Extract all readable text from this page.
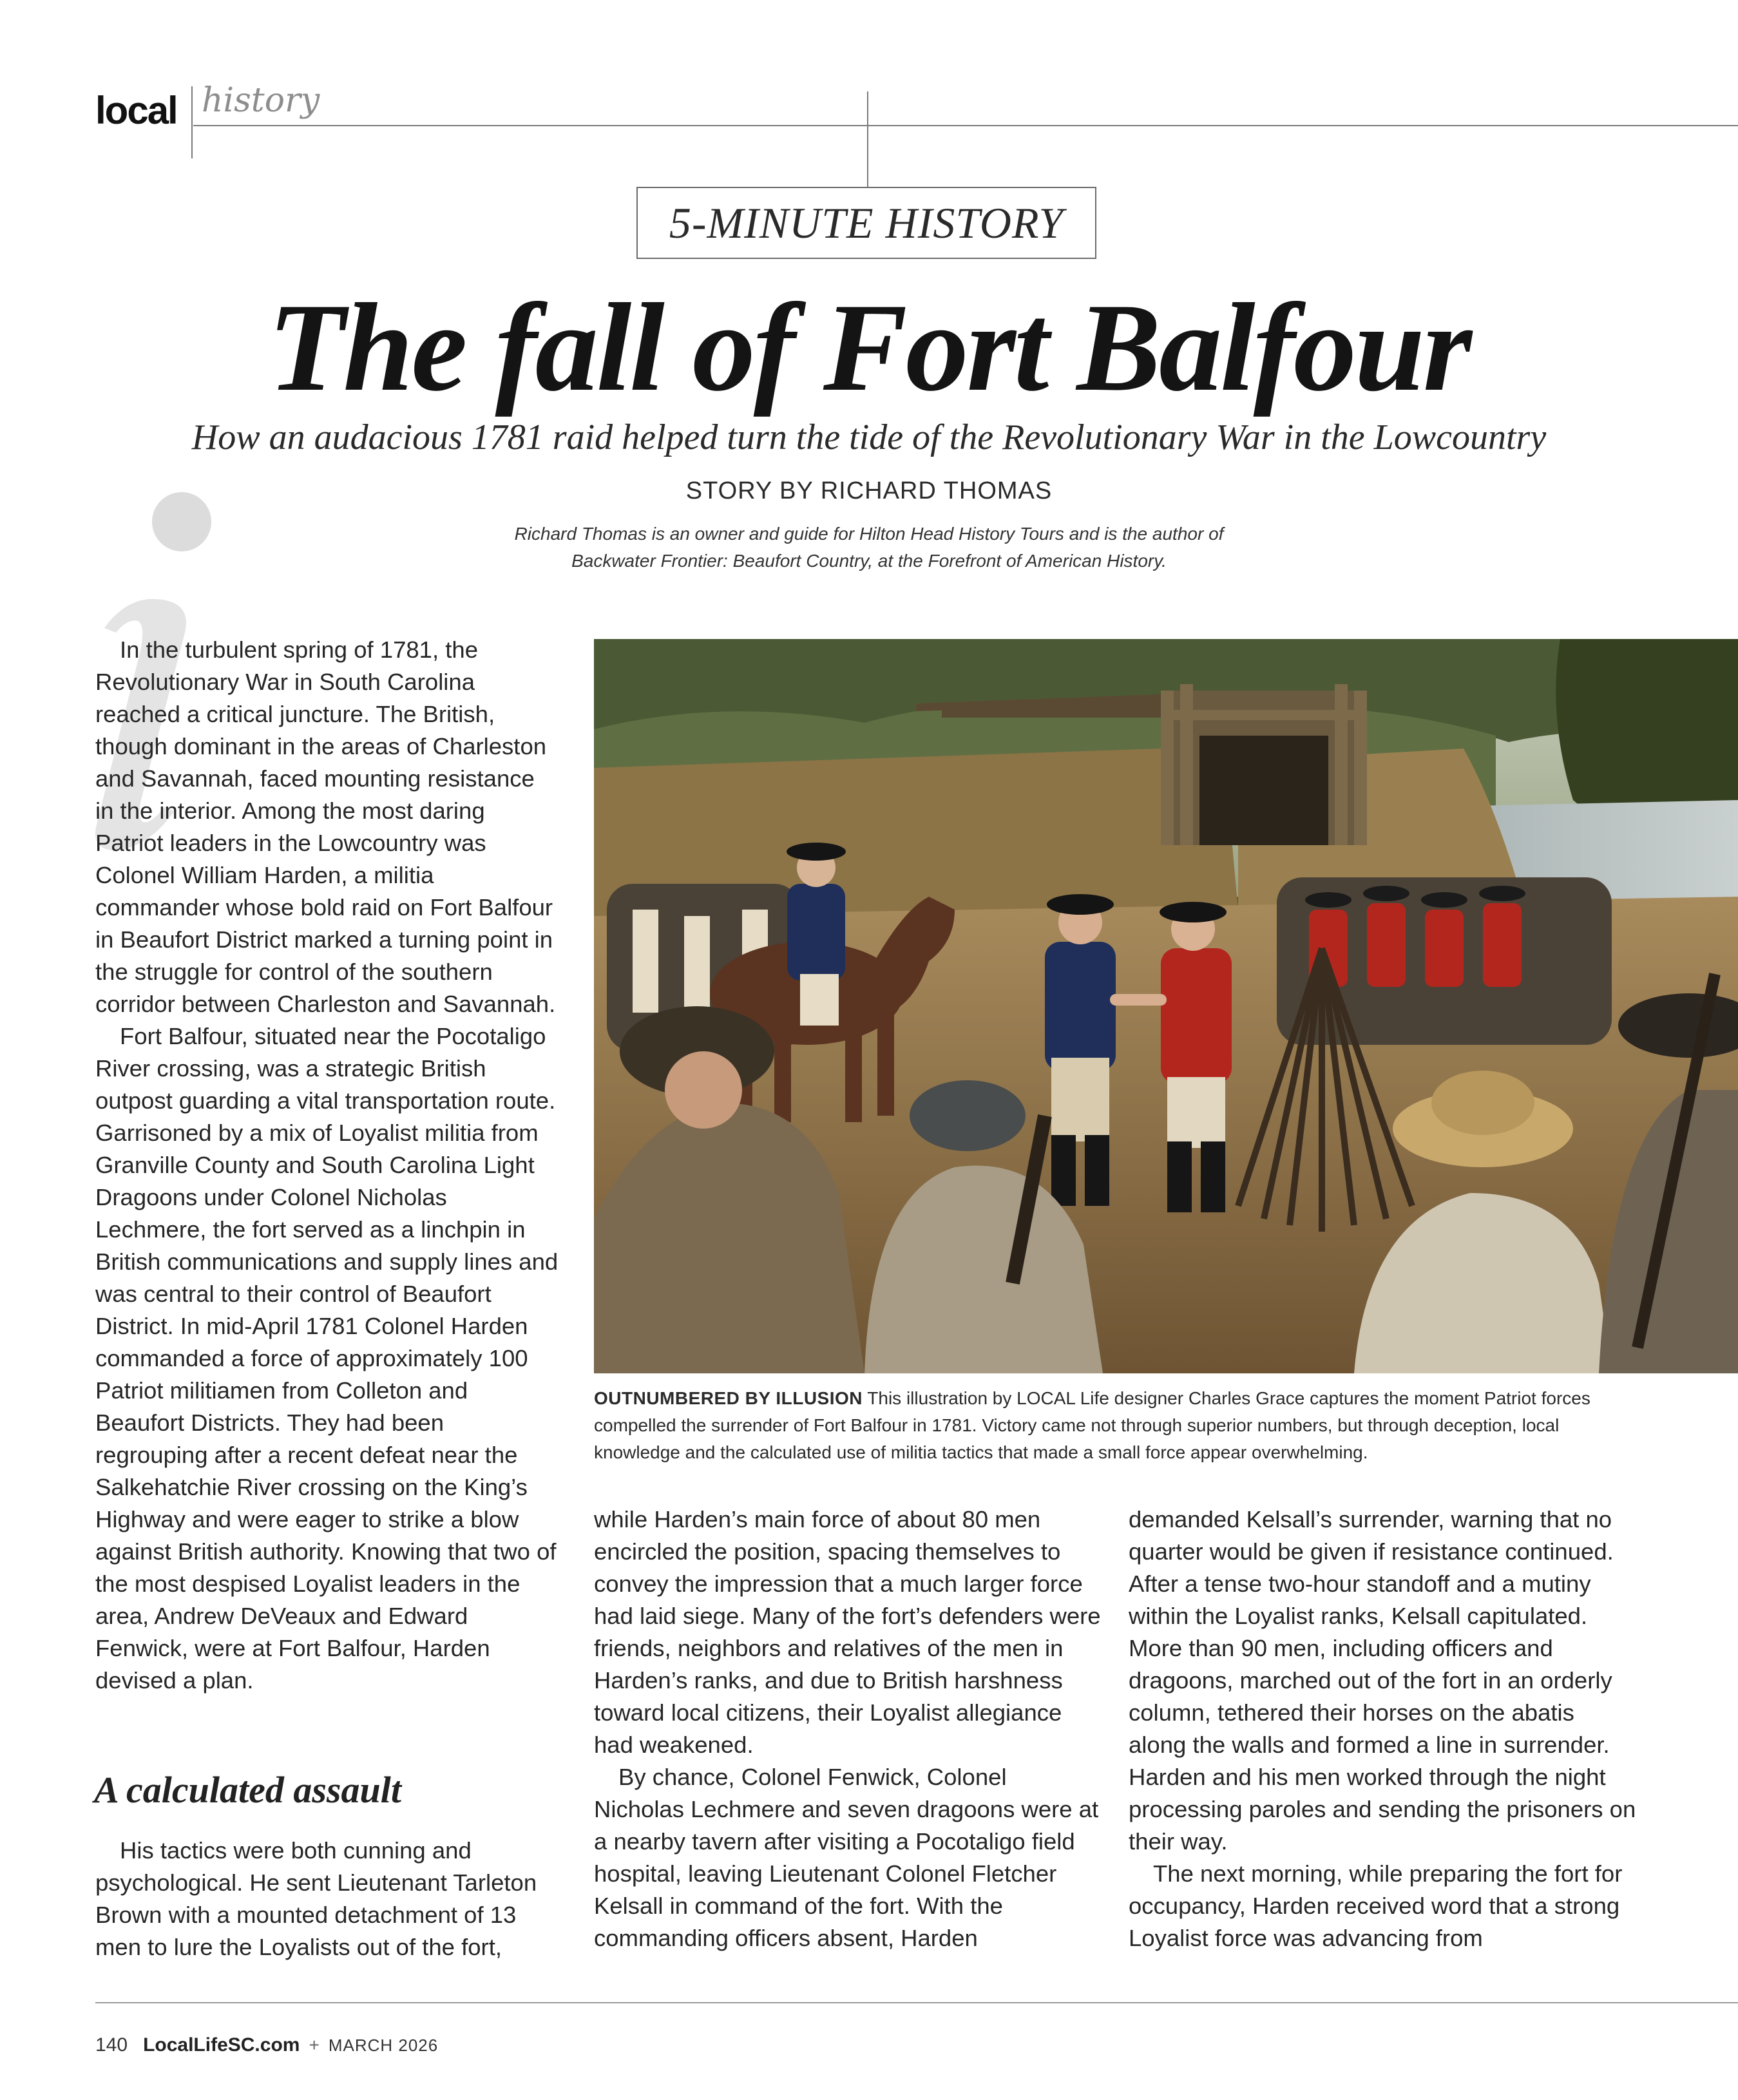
local history
5-MINUTE HISTORY
The fall of Fort Balfour
How an audacious 1781 raid helped turn the tide of the Revolutionary War in the Lowcountry
STORY BY RICHARD THOMAS
Richard Thomas is an owner and guide for Hilton Head History Tours and is the author of
Backwater Frontier: Beaufort Country, at the Forefront of American History.

In the turbulent spring of 1781, the Revolutionary War in South Carolina reached a critical juncture. The British, though dominant in the areas of Charleston and Savannah, faced mounting resistance in the interior. Among the most daring Patriot leaders in the Lowcountry was Colonel William Harden, a militia commander whose bold raid on Fort Balfour in Beaufort District marked a turning point in the struggle for control of the southern corridor between Charleston and Savannah.

Fort Balfour, situated near the Pocotaligo River crossing, was a strategic British outpost guarding a vital transportation route. Garrisoned by a mix of Loyalist militia from Granville County and South Carolina Light Dragoons under Colonel Nicholas Lechmere, the fort served as a linchpin in British communications and supply lines and was central to their control of Beaufort District. In mid-April 1781 Colonel Harden commanded a force of approximately 100 Patriot militiamen from Colleton and Beaufort Districts. They had been regrouping after a recent defeat near the Salkehatchie River crossing on the King’s Highway and were eager to strike a blow against British authority. Knowing that two of the most despised Loyalist leaders in the area, Andrew DeVeaux and Edward Fenwick, were at Fort Balfour, Harden devised a plan.

A calculated assault

His tactics were both cunning and psychological. He sent Lieutenant Tarleton Brown with a mounted detachment of 13 men to lure the Loyalists out of the fort,

OUTNUMBERED BY ILLUSION This illustration by LOCAL Life designer Charles Grace captures the moment Patriot forces compelled the surrender of Fort Balfour in 1781. Victory came not through superior numbers, but through deception, local knowledge and the calculated use of militia tactics that made a small force appear overwhelming.

while Harden’s main force of about 80 men encircled the position, spacing themselves to convey the impression that a much larger force had laid siege. Many of the fort’s defenders were friends, neighbors and relatives of the men in Harden’s ranks, and due to British harshness toward local citizens, their Loyalist allegiance had weakened.

By chance, Colonel Fenwick, Colonel Nicholas Lechmere and seven dragoons were at a nearby tavern after visiting a Pocotaligo field hospital, leaving Lieutenant Colonel Fletcher Kelsall in command of the fort. With the commanding officers absent, Harden

demanded Kelsall’s surrender, warning that no quarter would be given if resistance continued. After a tense two-hour standoff and a mutiny within the Loyalist ranks, Kelsall capitulated. More than 90 men, including officers and dragoons, marched out of the fort in an orderly column, tethered their horses on the abatis along the walls and formed a line in surrender. Harden and his men worked through the night processing paroles and sending the prisoners on their way.

The next morning, while preparing the fort for occupancy, Harden received word that a strong Loyalist force was advancing from

140 LocalLifeSC.com + MARCH 2026
